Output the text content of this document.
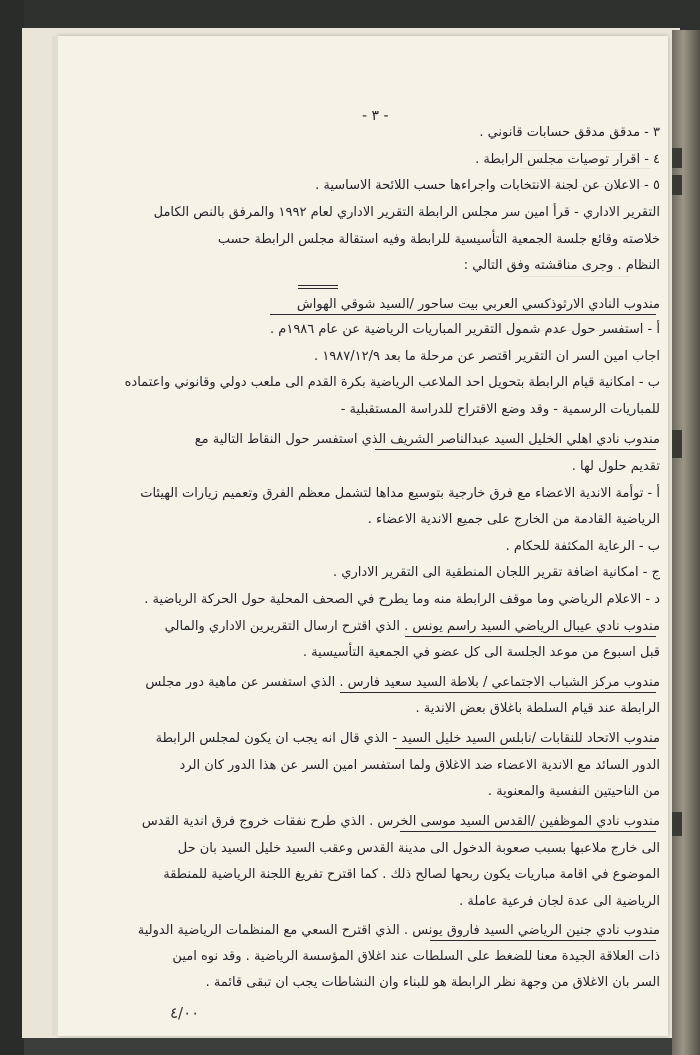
- ٣ -
٣ - مدقق مدقق حسابات قانوني .
٤ - اقرار توصيات مجلس الرابطة .
٥ - الاعلان عن لجنة الانتخابات واجراءها حسب اللائحة الاساسية .
التقرير الاداري - قرأ امين سر مجلس الرابطة التقرير الاداري لعام ١٩٩٢ والمرفق بالنص الكامل
خلاصته وقائع جلسة الجمعية التأسيسية للرابطة وفيه استقالة مجلس الرابطة حسب
النظام . وجرى مناقشته وفق التالي :
مندوب النادي الارثوذكسي العربي بيت ساحور /السيد شوقي الهواش
أ - استفسر حول عدم شمول التقرير المباريات الرياضية عن عام ١٩٨٦م .
اجاب امين السر ان التقرير اقتصر عن مرحلة ما بعد ١٩٨٧/١٢/٩ .
ب - امكانية قيام الرابطة بتحويل احد الملاعب الرياضية بكرة القدم الى ملعب دولي وقانوني واعتماده
للمباريات الرسمية - وقد وضع الاقتراح للدراسة المستقبلية -
مندوب نادي اهلي الخليل السيد عبدالناصر الشريف الذي استفسر حول النقاط التالية مع
تقديم حلول لها .
أ - توأمة الاندية الاعضاء مع فرق خارجية بتوسيع مداها لتشمل معظم الفرق وتعميم زيارات الهيئات
الرياضية القادمة من الخارج على جميع الاندية الاعضاء .
ب - الرعاية المكثفة للحكام .
ج - امكانية اضافة تقرير اللجان المنطقية الى التقرير الاداري .
د - الاعلام الرياضي وما موقف الرابطة منه وما يطرح في الصحف المحلية حول الحركة الرياضية .
مندوب نادي عيبال الرياضي السيد راسم يونس . الذي اقترح ارسال التقريرين الاداري والمالي
قبل اسبوع من موعد الجلسة الى كل عضو في الجمعية التأسيسية .
مندوب مركز الشباب الاجتماعي / بلاطة السيد سعيد فارس . الذي استفسر عن ماهية دور مجلس
الرابطة عند قيام السلطة باغلاق بعض الاندية .
مندوب الاتحاد للنقابات /نابلس السيد خليل السيد - الذي قال انه يجب ان يكون لمجلس الرابطة
الدور السائد مع الاندية الاعضاء ضد الاغلاق ولما استفسر امين السر عن هذا الدور كان الرد
من الناحيتين النفسية والمعنوية .
مندوب نادي الموظفين /القدس السيد موسى الخرس . الذي طرح نفقات خروج فرق اندية القدس
الى خارج ملاعبها بسبب صعوبة الدخول الى مدينة القدس وعقب السيد خليل السيد بان حل
الموضوع في اقامة مباريات يكون ربحها لصالح ذلك . كما اقترح تفريغ اللجنة الرياضية للمنطقة
الرياضية الى عدة لجان فرعية عاملة .
مندوب نادي جنين الرياضي السيد فاروق يونس . الذي اقترح السعي مع المنظمات الرياضية الدولية
ذات العلاقة الجيدة معنا للضغط على السلطات عند اغلاق المؤسسة الرياضية . وقد نوه امين
السر بان الاغلاق من وجهة نظر الرابطة هو للبناء وان النشاطات يجب ان تبقى قائمة .
٤/٠٠
